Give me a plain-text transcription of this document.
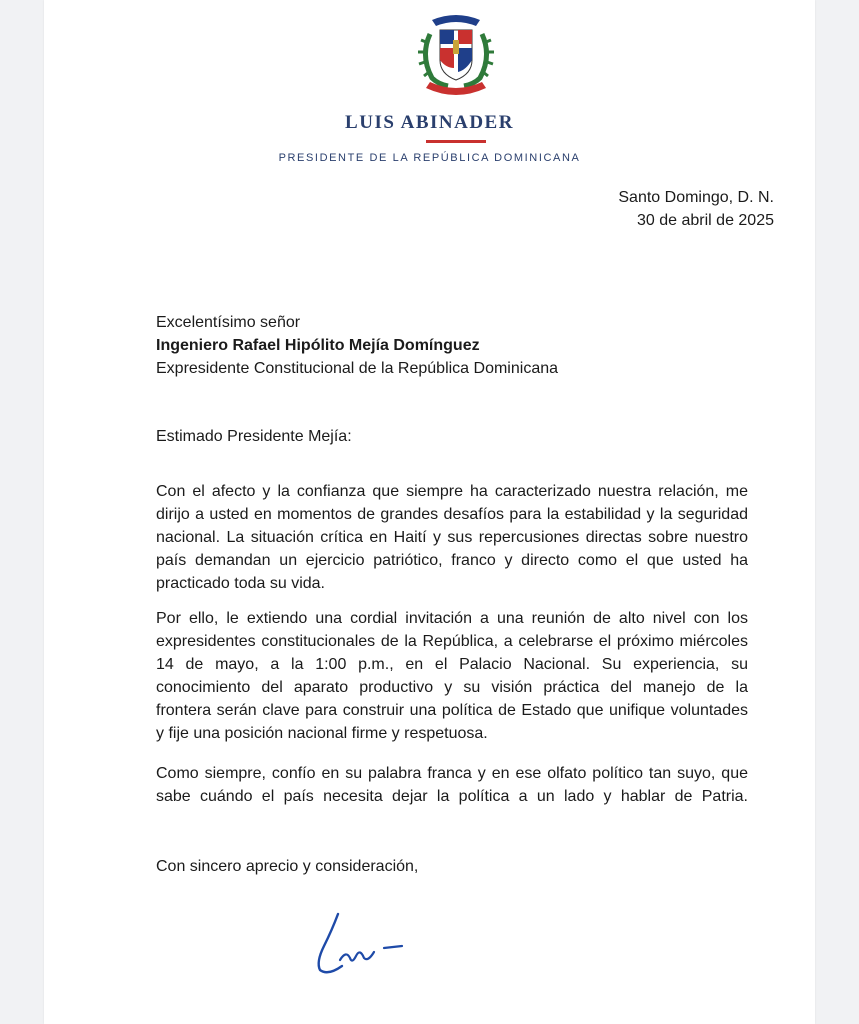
LUIS ABINADER
PRESIDENTE DE LA REPÚBLICA DOMINICANA
Santo Domingo, D. N.
30 de abril de 2025
Excelentísimo señor
Ingeniero Rafael Hipólito Mejía Domínguez
Expresidente Constitucional de la República Dominicana
Estimado Presidente Mejía:
Con el afecto y la confianza que siempre ha caracterizado nuestra relación, me
dirijo a usted en momentos de grandes desafíos para la estabilidad y la seguridad
nacional. La situación crítica en Haití y sus repercusiones directas sobre nuestro
país demandan un ejercicio patriótico, franco y directo como el que usted ha
practicado toda su vida.
Por ello, le extiendo una cordial invitación a una reunión de alto nivel con los
expresidentes constitucionales de la República, a celebrarse el próximo miércoles
14 de mayo, a la 1:00 p.m., en el Palacio Nacional. Su experiencia, su
conocimiento del aparato productivo y su visión práctica del manejo de la
frontera serán clave para construir una política de Estado que unifique voluntades
y fije una posición nacional firme y respetuosa.
Como siempre, confío en su palabra franca y en ese olfato político tan suyo, que
sabe cuándo el país necesita dejar la política a un lado y hablar de Patria.
Con sincero aprecio y consideración,
